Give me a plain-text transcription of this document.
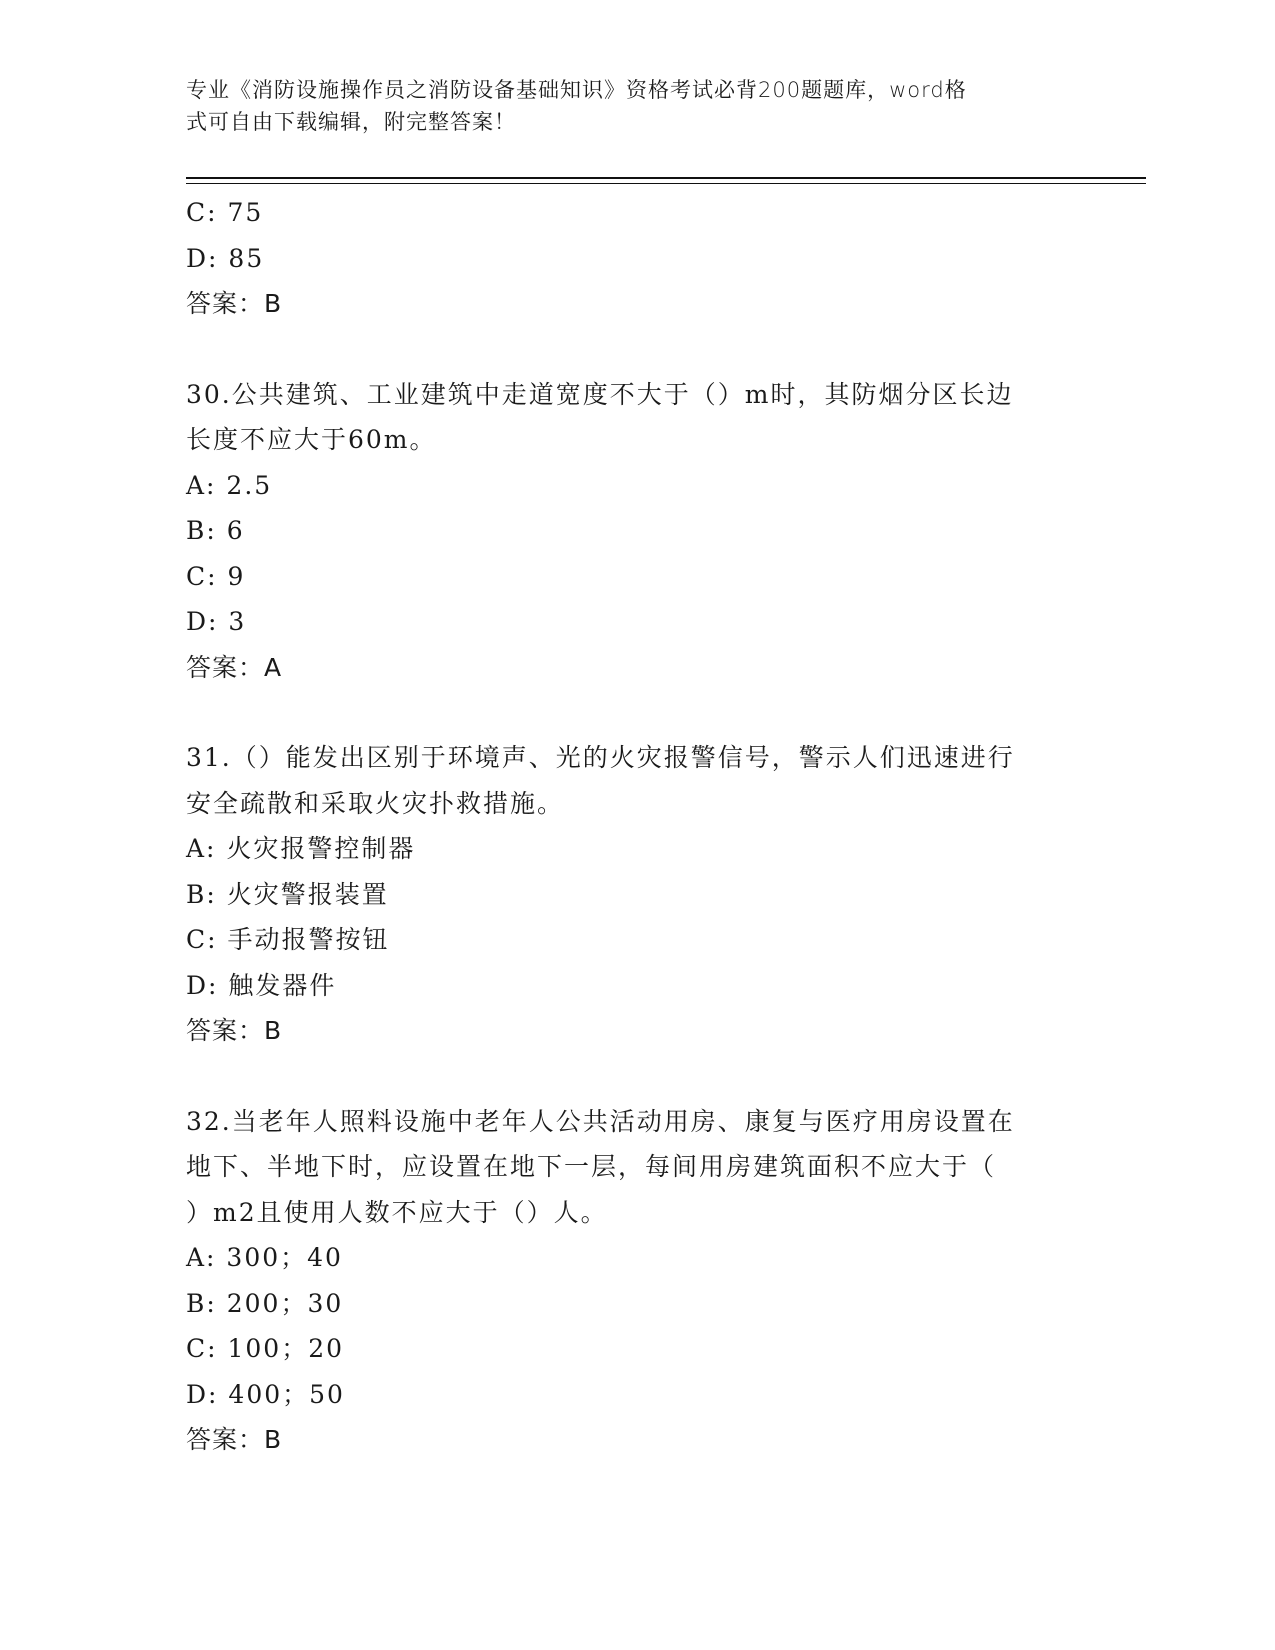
专业《消防设施操作员之消防设备基础知识》资格考试必背200题题库，word格
式可自由下载编辑，附完整答案！
C: 75
D: 85
答案：B
30.公共建筑、工业建筑中走道宽度不大于（）m时，其防烟分区长边
长度不应大于60m。
A: 2.5
B: 6
C: 9
D: 3
答案：A
31.（）能发出区别于环境声、光的火灾报警信号，警示人们迅速进行
安全疏散和采取火灾扑救措施。
A: 火灾报警控制器
B: 火灾警报装置
C: 手动报警按钮
D: 触发器件
答案：B
32.当老年人照料设施中老年人公共活动用房、康复与医疗用房设置在
地下、半地下时，应设置在地下一层，每间用房建筑面积不应大于（
）m2且使用人数不应大于（）人。
A: 300；40
B: 200；30
C: 100；20
D: 400；50
答案：B
